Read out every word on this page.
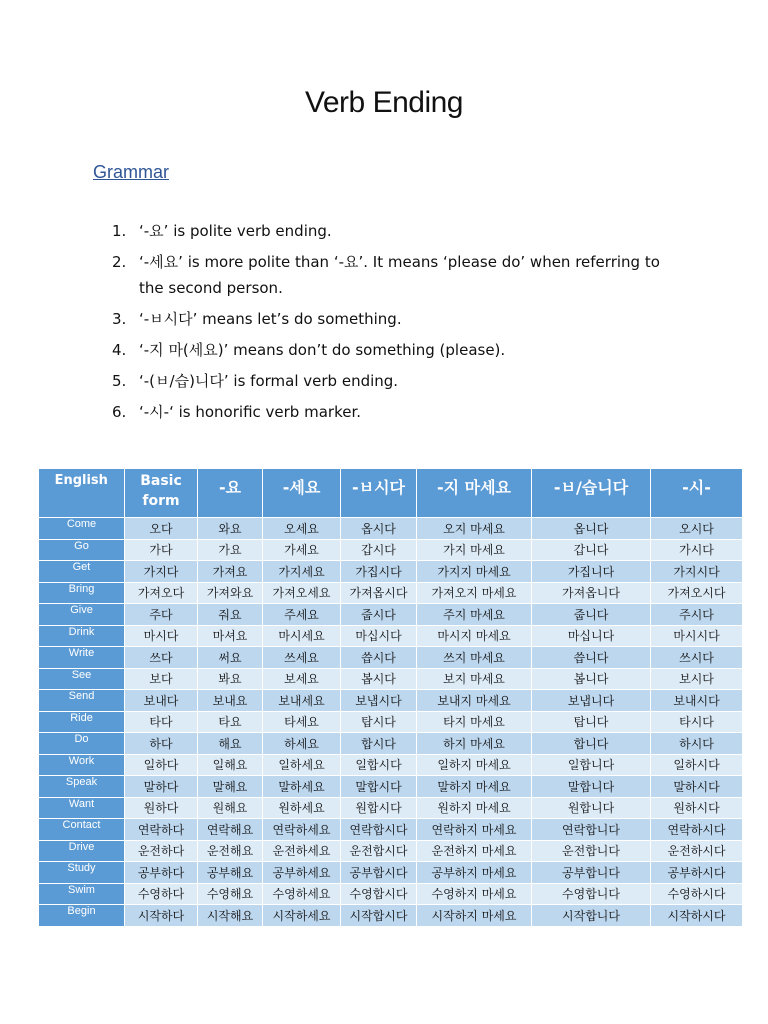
Verb Ending
Grammar
1. ‘-요’ is polite verb ending.
2. ‘-세요’ is more polite than ‘-요’. It means ‘please do’ when referring to the second person.
3. ‘-ㅂ시다’ means let’s do something.
4. ‘-지 마(세요)’ means don’t do something (please).
5. ‘-(ㅂ/습)니다’ is formal verb ending.
6. ‘-시-‘ is honorific verb marker.
English	Basic form	-요	-세요	-ㅂ시다	-지 마세요	-ㅂ/습니다	-시-
Come	오다	와요	오세요	옵시다	오지 마세요	옵니다	오시다
Go	가다	가요	가세요	갑시다	가지 마세요	갑니다	가시다
Get	가지다	가져요	가지세요	가집시다	가지지 마세요	가집니다	가지시다
Bring	가져오다	가져와요	가져오세요	가져옵시다	가져오지 마세요	가져옵니다	가져오시다
Give	주다	줘요	주세요	줍시다	주지 마세요	줍니다	주시다
Drink	마시다	마셔요	마시세요	마십시다	마시지 마세요	마십니다	마시시다
Write	쓰다	써요	쓰세요	씁시다	쓰지 마세요	씁니다	쓰시다
See	보다	봐요	보세요	봅시다	보지 마세요	봅니다	보시다
Send	보내다	보내요	보내세요	보냅시다	보내지 마세요	보냅니다	보내시다
Ride	타다	타요	타세요	탑시다	타지 마세요	탑니다	타시다
Do	하다	해요	하세요	합시다	하지 마세요	합니다	하시다
Work	일하다	일해요	일하세요	일합시다	일하지 마세요	일합니다	일하시다
Speak	말하다	말해요	말하세요	말합시다	말하지 마세요	말합니다	말하시다
Want	원하다	원해요	원하세요	원합시다	원하지 마세요	원합니다	원하시다
Contact	연락하다	연락해요	연락하세요	연락합시다	연락하지 마세요	연락합니다	연락하시다
Drive	운전하다	운전해요	운전하세요	운전합시다	운전하지 마세요	운전합니다	운전하시다
Study	공부하다	공부해요	공부하세요	공부합시다	공부하지 마세요	공부합니다	공부하시다
Swim	수영하다	수영해요	수영하세요	수영합시다	수영하지 마세요	수영합니다	수영하시다
Begin	시작하다	시작해요	시작하세요	시작합시다	시작하지 마세요	시작합니다	시작하시다
